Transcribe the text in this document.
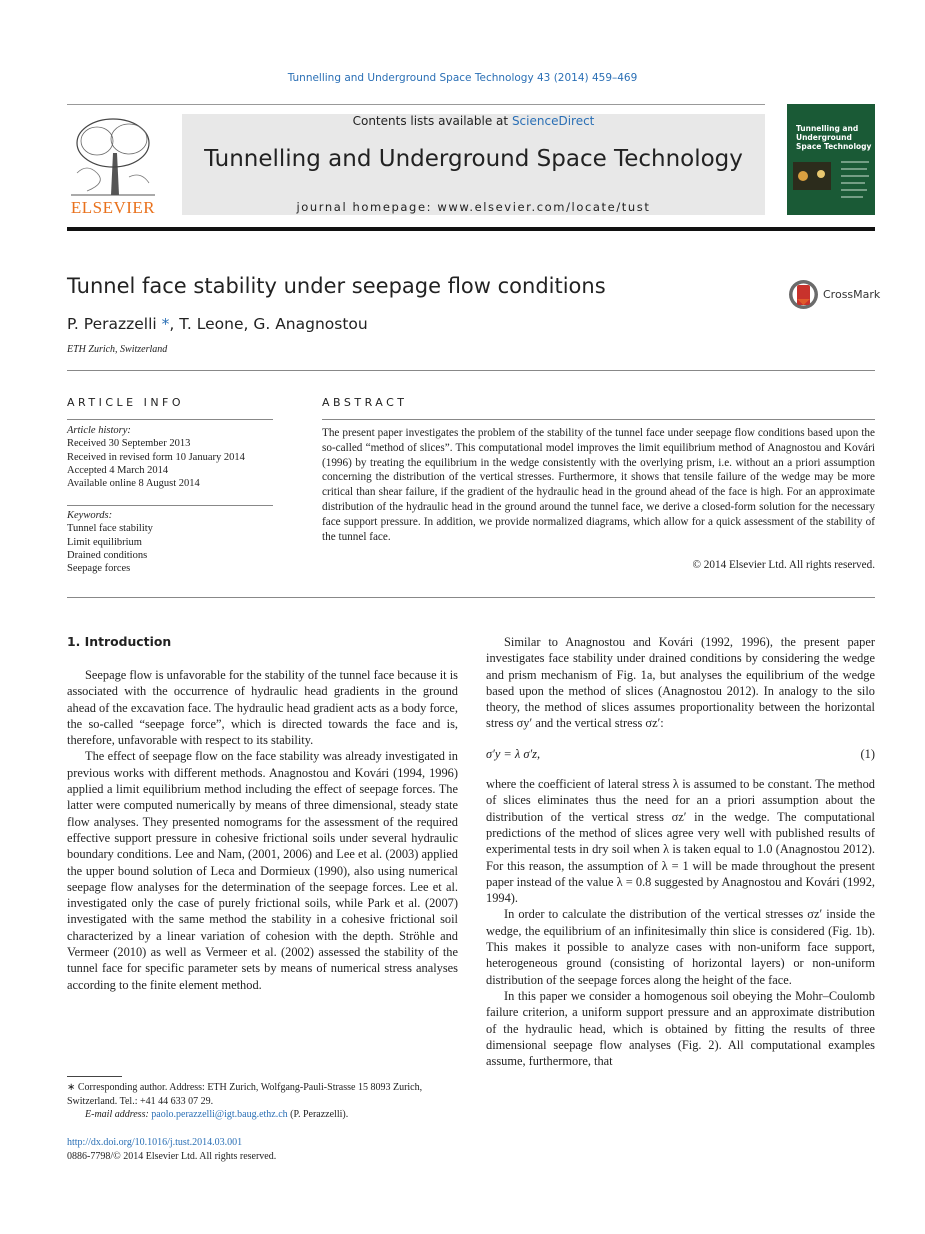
Tunnelling and Underground Space Technology 43 (2014) 459–469
ELSEVIER
Contents lists available at ScienceDirect
Tunnelling and Underground Space Technology
journal homepage: www.elsevier.com/locate/tust
Tunnelling and Underground Space Technology
Tunnel face stability under seepage flow conditions	CrossMark
P. Perazzelli *, T. Leone, G. Anagnostou
ETH Zurich, Switzerland
ARTICLE INFO
Article history:
Received 30 September 2013
Received in revised form 10 January 2014
Accepted 4 March 2014
Available online 8 August 2014
Keywords:
Tunnel face stability
Limit equilibrium
Drained conditions
Seepage forces
ABSTRACT
The present paper investigates the problem of the stability of the tunnel face under seepage flow conditions based upon the so-called “method of slices”. This computational model improves the limit equilibrium method of Anagnostou and Kovári (1996) by treating the equilibrium in the wedge consistently with the overlying prism, i.e. without an a priori assumption concerning the distribution of the vertical stresses. Furthermore, it shows that tensile failure of the wedge may be more critical than shear failure, if the gradient of the hydraulic head in the ground ahead of the face is high. For an approximate distribution of the hydraulic head in the ground around the tunnel face, we derive a closed-form solution for the necessary face support pressure. In addition, we provide normalized diagrams, which allow for a quick assessment of the stability of the tunnel face.
© 2014 Elsevier Ltd. All rights reserved.
1. Introduction

Seepage flow is unfavorable for the stability of the tunnel face because it is associated with the occurrence of hydraulic head gradients in the ground ahead of the excavation face. The hydraulic head gradient acts as a body force, the so-called “seepage force”, which is directed towards the face and is, therefore, unfavorable with respect to its stability.

The effect of seepage flow on the face stability was already investigated in previous works with different methods. Anagnostou and Kovári (1994, 1996) applied a limit equilibrium method including the effect of seepage forces. The latter were computed numerically by means of three dimensional, steady state flow analyses. They presented nomograms for the assessment of the required effective support pressure in cohesive frictional soils under several hydraulic boundary conditions. Lee and Nam, (2001, 2006) and Lee et al. (2003) applied the upper bound solution of Leca and Dormieux (1990), also using numerical seepage flow analyses for the determination of the seepage forces. Lee et al. investigated only the case of purely frictional soils, while Park et al. (2007) investigated with the same method the stability in a cohesive frictional soil characterized by a linear variation of cohesion with the depth. Ströhle and Vermeer (2010) as well as Vermeer et al. (2002) assessed the stability of the tunnel face for specific parameter sets by means of numerical stress analyses according to the finite element method.

Similar to Anagnostou and Kovári (1992, 1996), the present paper investigates face stability under drained conditions by considering the wedge and prism mechanism of Fig. 1a, but analyses the equilibrium of the wedge based upon the method of slices (Anagnostou 2012). In analogy to the silo theory, the method of slices assumes proportionality between the horizontal stress σy′ and the vertical stress σz′:

σ′y = λ σ′z,	(1)

where the coefficient of lateral stress λ is assumed to be constant. The method of slices eliminates thus the need for an a priori assumption about the distribution of the vertical stress σz′ in the wedge. The computational predictions of the method of slices agree very well with published results of experimental tests in dry soil when λ is taken equal to 1.0 (Anagnostou 2012). For this reason, the assumption of λ = 1 will be made throughout the present paper instead of the value λ = 0.8 suggested by Anagnostou and Kovári (1992, 1994).

In order to calculate the distribution of the vertical stresses σz′ inside the wedge, the equilibrium of an infinitesimally thin slice is considered (Fig. 1b). This makes it possible to analyze cases with non-uniform face support, heterogeneous ground (consisting of horizontal layers) or non-uniform distribution of the seepage forces along the height of the face.

In this paper we consider a homogenous soil obeying the Mohr–Coulomb failure criterion, a uniform support pressure and an approximate distribution of the hydraulic head, which is obtained by fitting the results of three dimensional seepage flow analyses (Fig. 2). All computational examples assume, furthermore, that

∗ Corresponding author. Address: ETH Zurich, Wolfgang-Pauli-Strasse 15 8093 Zurich, Switzerland. Tel.: +41 44 633 07 29.
E-mail address: paolo.perazzelli@igt.baug.ethz.ch (P. Perazzelli).
http://dx.doi.org/10.1016/j.tust.2014.03.001
0886-7798/© 2014 Elsevier Ltd. All rights reserved.
